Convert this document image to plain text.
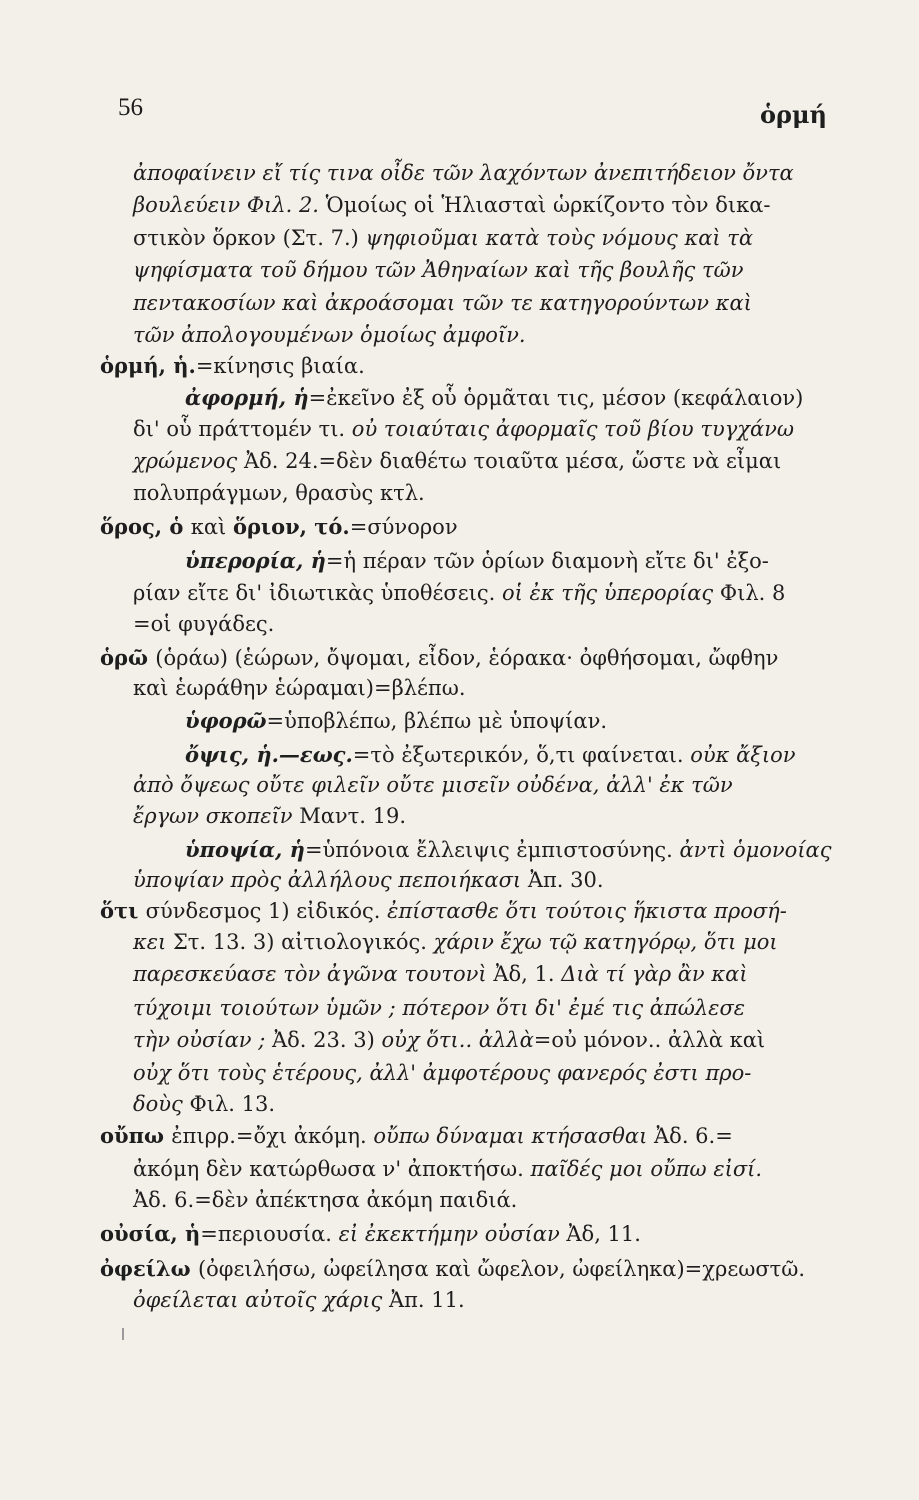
56	ὁρμή
ἀποφαίνειν εἴ τίς τινα οἶδε τῶν λαχόντων ἀνεπιτήδειον ὄντα
βουλεύειν Φιλ. 2. Ὁμοίως οἱ Ἡλιασταὶ ὡρκίζοντο τὸν δικα-
στικὸν ὅρκον (Στ. 7.) ψηφιοῦμαι κατὰ τοὺς νόμους καὶ τὰ
ψηφίσματα τοῦ δήμου τῶν Ἀθηναίων καὶ τῆς βουλῆς τῶν
πεντακοσίων καὶ ἀκροάσομαι τῶν τε κατηγορούντων καὶ
τῶν ἀπολογουμένων ὁμοίως ἀμφοῖν.
ὁρμή, ἡ.=κίνησις βιαία.
ἀφορμή, ἡ=ἐκεῖνο ἐξ οὗ ὁρμᾶται τις, μέσον (κεφάλαιον)
δι' οὗ πράττομέν τι. οὐ τοιαύταις ἀφορμαῖς τοῦ βίου τυγχάνω
χρώμενος Ἀδ. 24.=δὲν διαθέτω τοιαῦτα μέσα, ὥστε νὰ εἶμαι
πολυπράγμων, θρασὺς κτλ.
ὅρος, ὁ καὶ ὅριον, τό.=σύνορον
ὑπερορία, ἡ=ἡ πέραν τῶν ὁρίων διαμονὴ εἴτε δι' ἐξο-
ρίαν εἴτε δι' ἰδιωτικὰς ὑποθέσεις. οἱ ἐκ τῆς ὑπερορίας Φιλ. 8
=οἱ φυγάδες.
ὁρῶ (ὁράω) (ἑώρων, ὄψομαι, εἶδον, ἑόρακα· ὀφθήσομαι, ὤφθην
καὶ ἑωράθην ἑώραμαι)=βλέπω.
ὑφορῶ=ὑποβλέπω, βλέπω μὲ ὑποψίαν.
ὄψις, ἡ.—εως.=τὸ ἐξωτερικόν, ὅ,τι φαίνεται. οὐκ ἄξιον
ἀπὸ ὄψεως οὔτε φιλεῖν οὔτε μισεῖν οὐδένα, ἀλλ' ἐκ τῶν
ἔργων σκοπεῖν Μαντ. 19.
ὑποψία, ἡ=ὑπόνοια ἔλλειψις ἐμπιστοσύνης. ἀντὶ ὁμονοίας
ὑποψίαν πρὸς ἀλλήλους πεποιήκασι Ἀπ. 30.
ὅτι σύνδεσμος 1) εἰδικός. ἐπίστασθε ὅτι τούτοις ἥκιστα προσή-
κει Στ. 13. 3) αἰτιολογικός. χάριν ἔχω τῷ κατηγόρῳ, ὅτι μοι
παρεσκεύασε τὸν ἀγῶνα τουτονὶ Ἀδ, 1. Διὰ τί γὰρ ἂν καὶ
τύχοιμι τοιούτων ὑμῶν ; πότερον ὅτι δι' ἐμέ τις ἀπώλεσε
τὴν οὐσίαν ; Ἀδ. 23. 3) οὐχ ὅτι.. ἀλλὰ=οὐ μόνον.. ἀλλὰ καὶ
οὐχ ὅτι τοὺς ἑτέρους, ἀλλ' ἀμφοτέρους φανερός ἐστι προ-
δοὺς Φιλ. 13.
οὔπω ἐπιρρ.=ὄχι ἀκόμη. οὔπω δύναμαι κτήσασθαι Ἀδ. 6.=
ἀκόμη δὲν κατώρθωσα ν' ἀποκτήσω. παῖδές μοι οὔπω εἰσί.
Ἀδ. 6.=δὲν ἀπέκτησα ἀκόμη παιδιά.
οὐσία, ἡ=περιουσία. εἰ ἐκεκτήμην οὐσίαν Ἀδ, 11.
ὀφείλω (ὀφειλήσω, ὠφείλησα καὶ ὤφελον, ὠφείληκα)=χρεωστῶ.
ὀφείλεται αὐτοῖς χάρις Ἀπ. 11.
